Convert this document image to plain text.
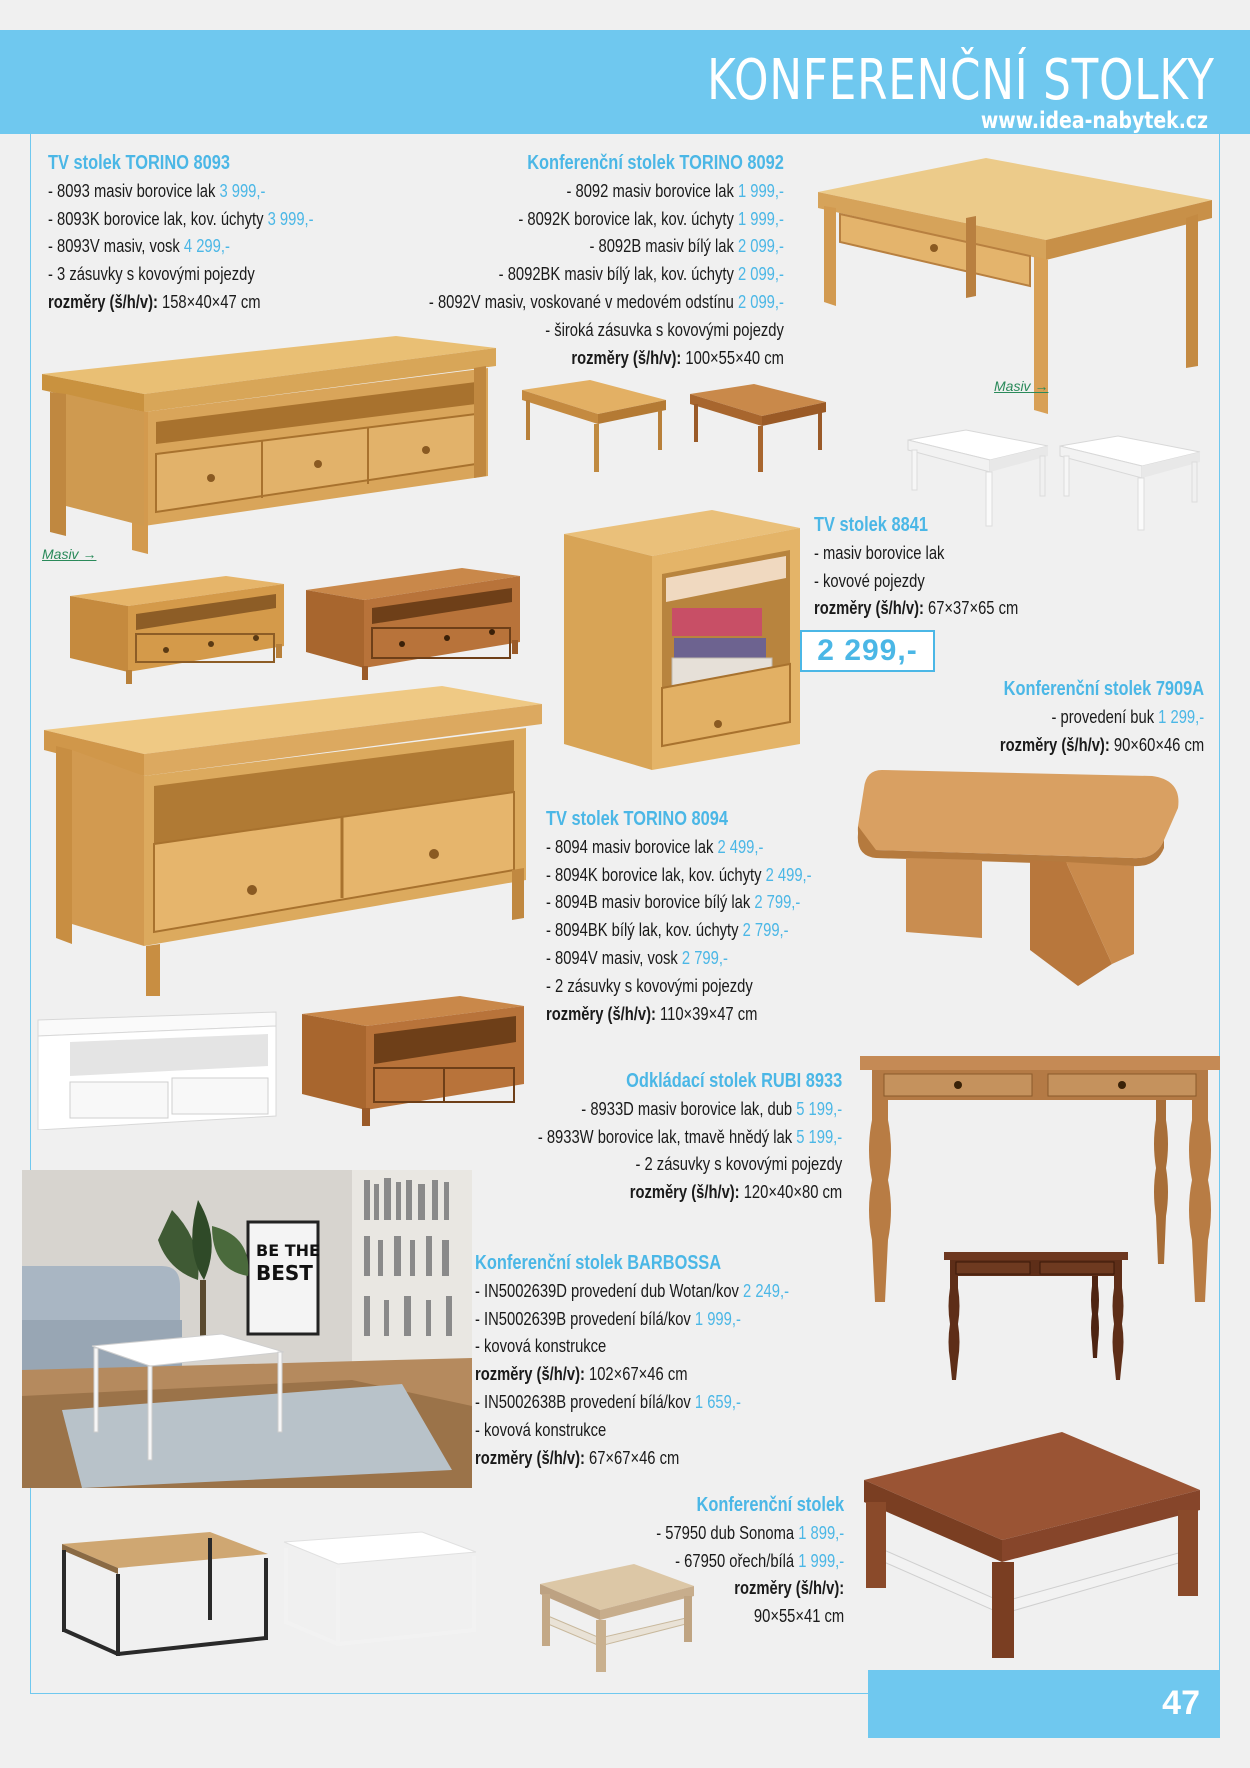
KONFERENČNÍ STOLKY
www.idea-nabytek.cz
Masiv →
Masiv →
BE THE
BEST
TV stolek TORINO 8093
- 8093 masiv borovice lak 3 999,-
- 8093K borovice lak, kov. úchyty 3 999,-
- 8093V masiv, vosk 4 299,-
- 3 zásuvky s kovovými pojezdy
rozměry (š/h/v): 158×40×47 cm
Konferenční stolek TORINO 8092
- 8092 masiv borovice lak 1 999,-
- 8092K borovice lak, kov. úchyty 1 999,-
- 8092B masiv bílý lak 2 099,-
- 8092BK masiv bílý lak, kov. úchyty 2 099,-
- 8092V masiv, voskované v medovém odstínu 2 099,-
- široká zásuvka s kovovými pojezdy
rozměry (š/h/v): 100×55×40 cm
TV stolek 8841
- masiv borovice lak
- kovové pojezdy
rozměry (š/h/v): 67×37×65 cm
2 299,-
Konferenční stolek 7909A
- provedení buk 1 299,-
rozměry (š/h/v): 90×60×46 cm
TV stolek TORINO 8094
- 8094 masiv borovice lak 2 499,-
- 8094K borovice lak, kov. úchyty 2 499,-
- 8094B masiv borovice bílý lak 2 799,-
- 8094BK bílý lak, kov. úchyty 2 799,-
- 8094V masiv, vosk 2 799,-
- 2 zásuvky s kovovými pojezdy
rozměry (š/h/v): 110×39×47 cm
Odkládací stolek RUBI 8933
- 8933D masiv borovice lak, dub 5 199,-
- 8933W borovice lak, tmavě hnědý lak 5 199,-
- 2 zásuvky s kovovými pojezdy
rozměry (š/h/v): 120×40×80 cm
Konferenční stolek BARBOSSA
- IN5002639D provedení dub Wotan/kov 2 249,-
- IN5002639B provedení bílá/kov 1 999,-
- kovová konstrukce
rozměry (š/h/v): 102×67×46 cm
- IN5002638B provedení bílá/kov 1 659,-
- kovová konstrukce
rozměry (š/h/v): 67×67×46 cm
Konferenční stolek
- 57950 dub Sonoma 1 899,-
- 67950 ořech/bílá 1 999,-
rozměry (š/h/v):
90×55×41 cm
47
